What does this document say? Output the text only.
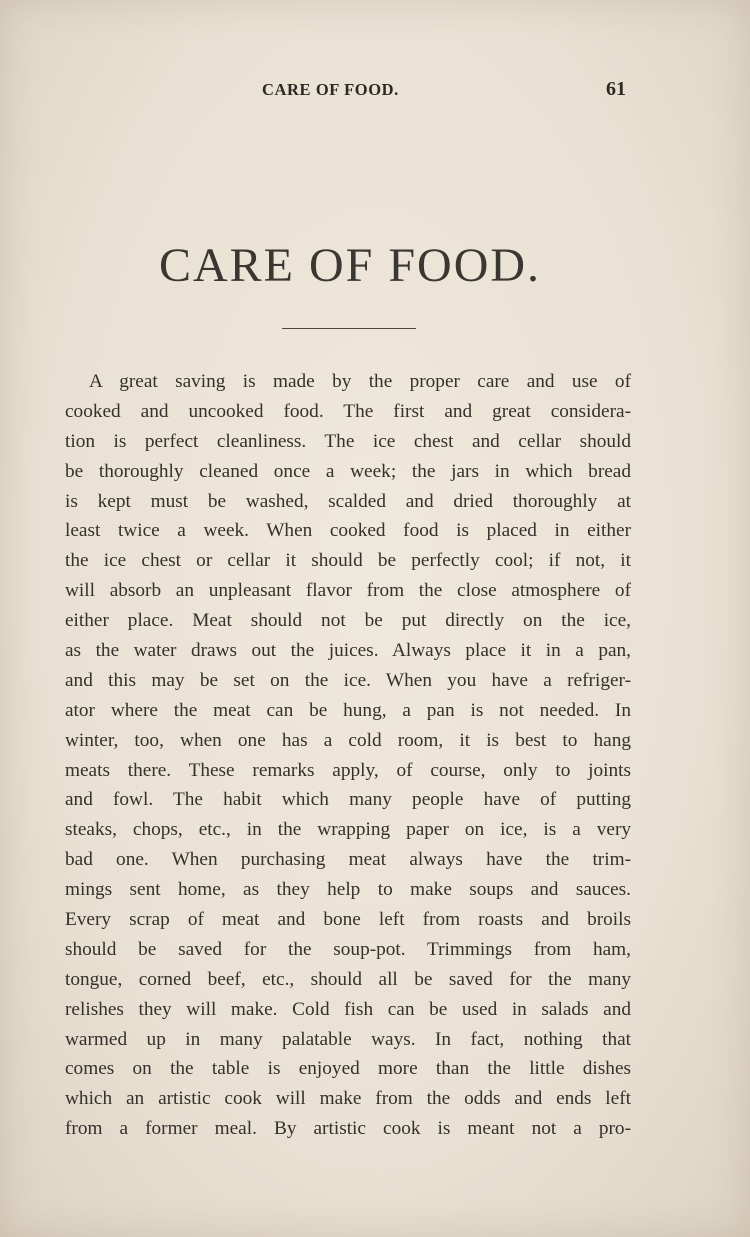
CARE OF FOOD.	61
CARE OF FOOD.
A great saving is made by the proper care and use of
cooked and uncooked food. The first and great considera-
tion is perfect cleanliness. The ice chest and cellar should
be thoroughly cleaned once a week; the jars in which bread
is kept must be washed, scalded and dried thoroughly at
least twice a week. When cooked food is placed in either
the ice chest or cellar it should be perfectly cool; if not, it
will absorb an unpleasant flavor from the close atmosphere of
either place. Meat should not be put directly on the ice,
as the water draws out the juices. Always place it in a pan,
and this may be set on the ice. When you have a refriger-
ator where the meat can be hung, a pan is not needed. In
winter, too, when one has a cold room, it is best to hang
meats there. These remarks apply, of course, only to joints
and fowl. The habit which many people have of putting
steaks, chops, etc., in the wrapping paper on ice, is a very
bad one. When purchasing meat always have the trim-
mings sent home, as they help to make soups and sauces.
Every scrap of meat and bone left from roasts and broils
should be saved for the soup-pot. Trimmings from ham,
tongue, corned beef, etc., should all be saved for the many
relishes they will make. Cold fish can be used in salads and
warmed up in many palatable ways. In fact, nothing that
comes on the table is enjoyed more than the little dishes
which an artistic cook will make from the odds and ends left
from a former meal. By artistic cook is meant not a pro-
